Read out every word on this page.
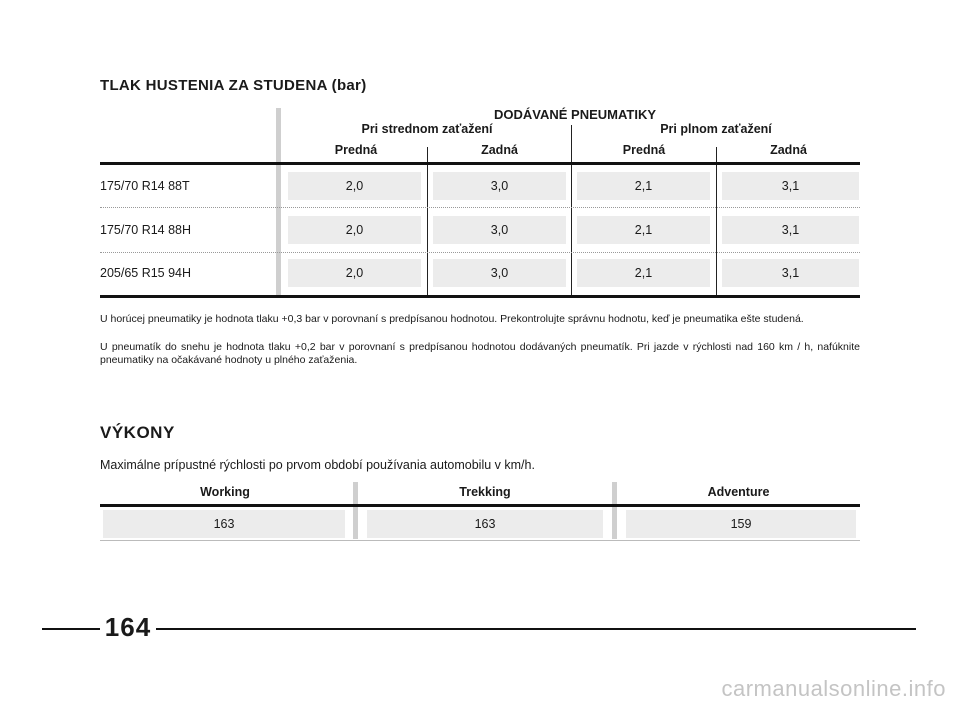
TLAK HUSTENIA ZA STUDENA (bar)
DODÁVANÉ PNEUMATIKY
Pri strednom zaťažení	Pri plnom zaťažení
Predná	Zadná	Predná	Zadná
175/70 R14 88T	2,0	3,0	2,1	3,1
175/70 R14 88H	2,0	3,0	2,1	3,1
205/65 R15 94H	2,0	3,0	2,1	3,1
U horúcej pneumatiky je hodnota tlaku +0,3 bar v porovnaní s predpísanou hodnotou. Prekontrolujte správnu hodnotu, keď je pneumatika ešte studená.
U pneumatík do snehu je hodnota tlaku +0,2 bar v porovnaní s predpísanou hodnotou dodávaných pneumatík. Pri jazde v rýchlosti nad 160 km / h, nafúknite pneumatiky na očakávané hodnoty u plného zaťaženia.
VÝKONY
Maximálne prípustné rýchlosti po prvom období používania automobilu v km/h.
Working	Trekking	Adventure
163	163	159
164
carmanualsonline.info
